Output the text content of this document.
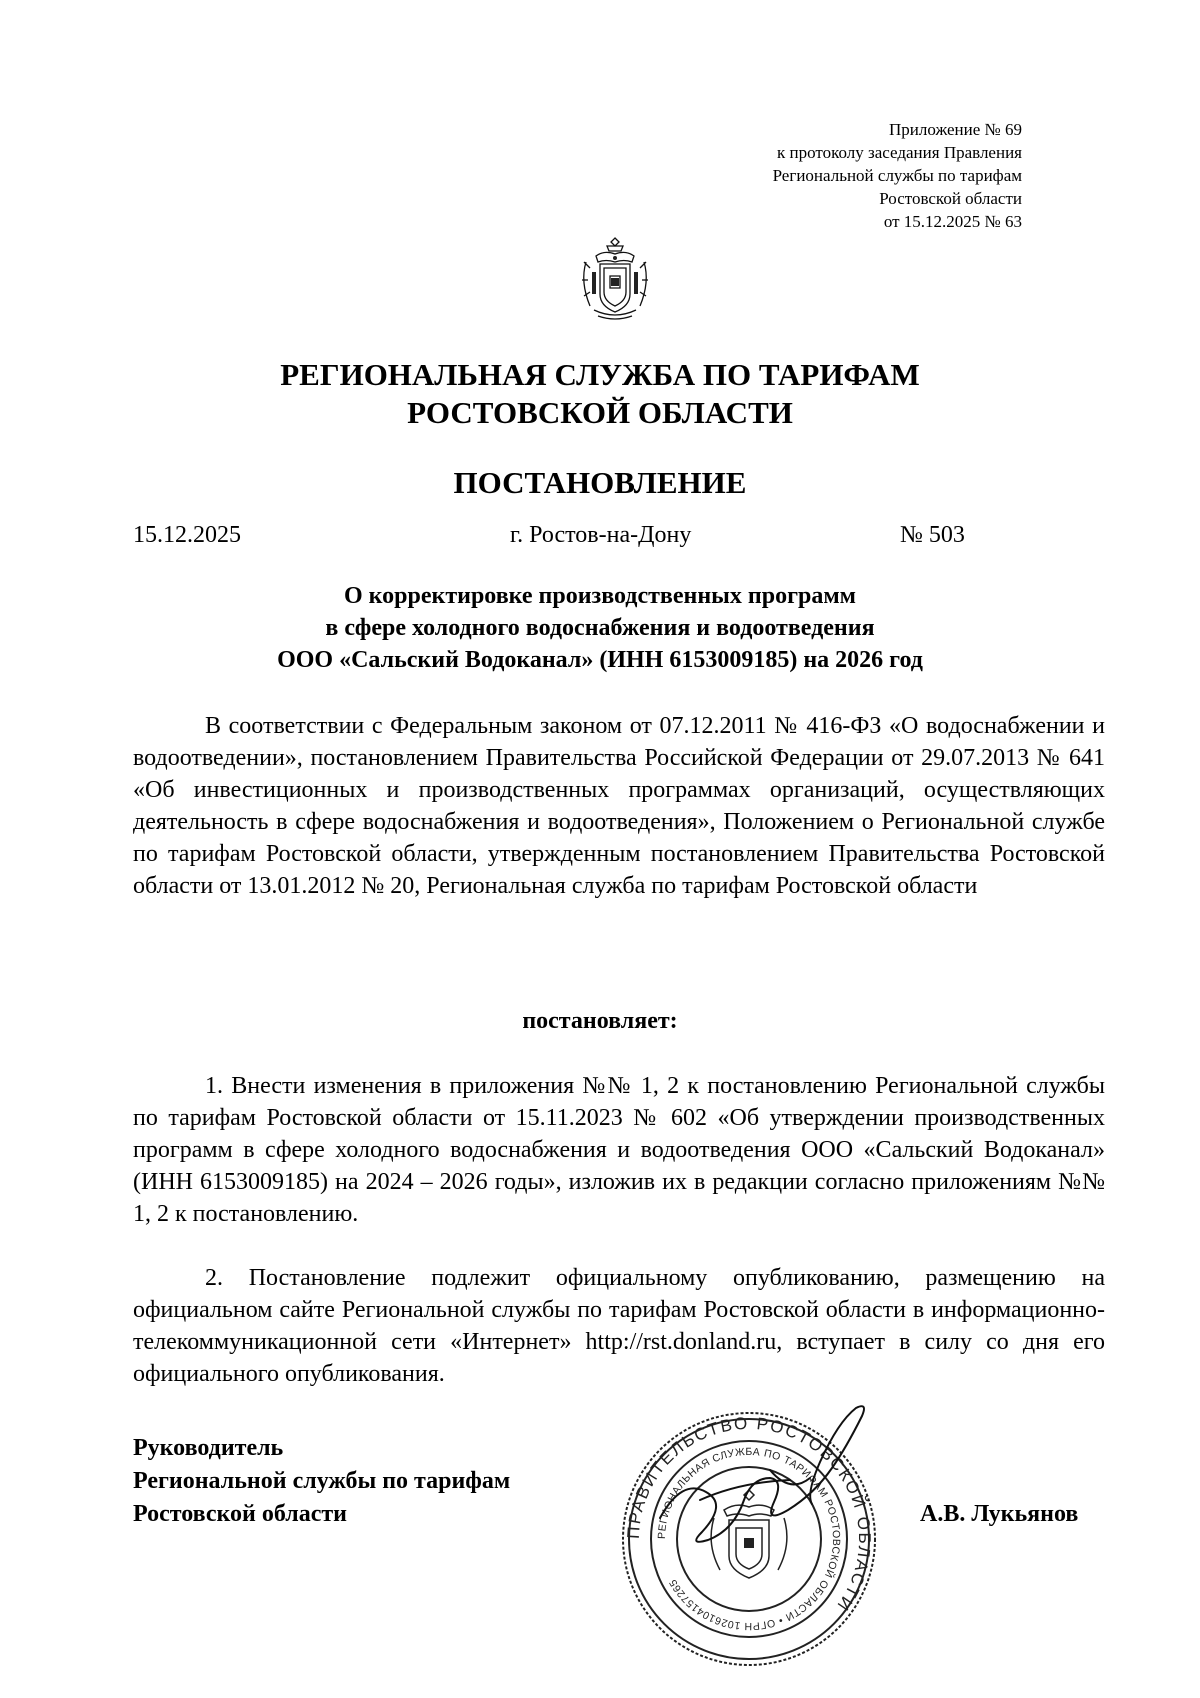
Приложение № 69
к протоколу заседания Правления
Региональной службы по тарифам
Ростовской области
от 15.12.2025 № 63
РЕГИОНАЛЬНАЯ СЛУЖБА ПО ТАРИФАМ
РОСТОВСКОЙ ОБЛАСТИ
ПОСТАНОВЛЕНИЕ
15.12.2025	г. Ростов-на-Дону	№ 503
О корректировке производственных программ
в сфере холодного водоснабжения и водоотведения
ООО «Сальский Водоканал» (ИНН 6153009185) на 2026 год

В соответствии с Федеральным законом от 07.12.2011 № 416-ФЗ «О водоснабжении и водоотведении», постановлением Правительства Российской Федерации от 29.07.2013 № 641 «Об инвестиционных и производственных программах организаций, осуществляющих деятельность в сфере водоснабжения и водоотведения», Положением о Региональной службе по тарифам Ростовской области, утвержденным постановлением Правительства Ростовской области от 13.01.2012 № 20, Региональная служба по тарифам Ростовской области

постановляет:

1. Внести изменения в приложения №№ 1, 2 к постановлению Региональной службы по тарифам Ростовской области от 15.11.2023 № 602 «Об утверждении производственных программ в сфере холодного водоснабжения и водоотведения ООО «Сальский Водоканал» (ИНН 6153009185) на 2024 – 2026 годы», изложив их в редакции согласно приложениям №№ 1, 2 к постановлению.

2. Постановление подлежит официальному опубликованию, размещению на официальном сайте Региональной службы по тарифам Ростовской области в информационно-телекоммуникационной сети «Интернет» http://rst.donland.ru, вступает в силу со дня его официального опубликования.

Руководитель
Региональной службы по тарифам
Ростовской области
ПРАВИТЕЛЬСТВО РОСТОВСКОЙ ОБЛАСТИ
РЕГИОНАЛЬНАЯ СЛУЖБА ПО ТАРИФАМ РОСТОВСКОЙ ОБЛАСТИ • ОГРН 1026104157265
А.В. Лукьянов
